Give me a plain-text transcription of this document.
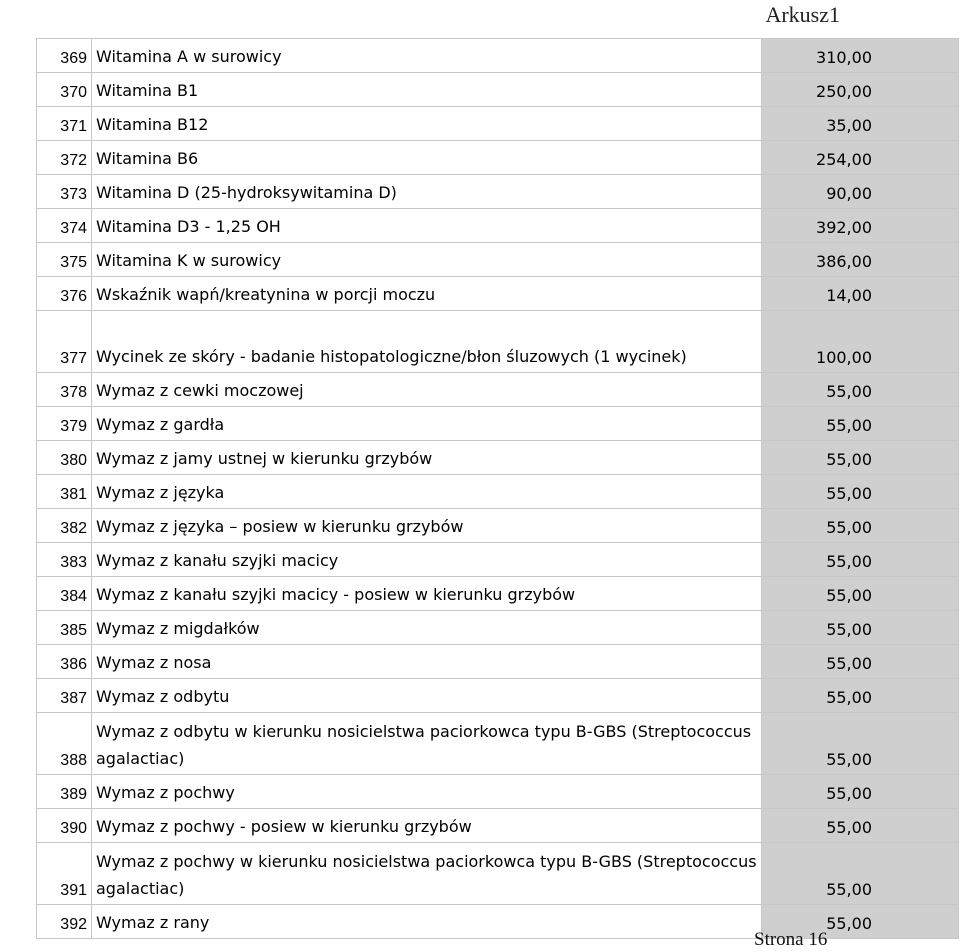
Arkusz1
369	Witamina A w surowicy	310,00
370	Witamina B1	250,00
371	Witamina B12	35,00
372	Witamina B6	254,00
373	Witamina D (25-hydroksywitamina D)	90,00
374	Witamina D3 - 1,25 OH	392,00
375	Witamina K w surowicy	386,00
376	Wskaźnik wapń/kreatynina w porcji moczu	14,00
377	Wycinek ze skóry - badanie histopatologiczne/błon śluzowych (1 wycinek)	100,00
378	Wymaz z cewki moczowej	55,00
379	Wymaz z gardła	55,00
380	Wymaz z jamy ustnej w kierunku grzybów	55,00
381	Wymaz z języka	55,00
382	Wymaz z języka – posiew w kierunku grzybów	55,00
383	Wymaz z kanału szyjki macicy	55,00
384	Wymaz z kanału szyjki macicy - posiew w kierunku grzybów	55,00
385	Wymaz z migdałków	55,00
386	Wymaz z nosa	55,00
387	Wymaz z odbytu	55,00
388	Wymaz z odbytu w kierunku nosicielstwa paciorkowca typu B-GBS (Streptococcus agalactiac)	55,00
389	Wymaz z pochwy	55,00
390	Wymaz z pochwy - posiew w kierunku grzybów	55,00
391	Wymaz z pochwy w kierunku nosicielstwa paciorkowca typu B-GBS (Streptococcus agalactiac)	55,00
392	Wymaz z rany	55,00
Strona 16
